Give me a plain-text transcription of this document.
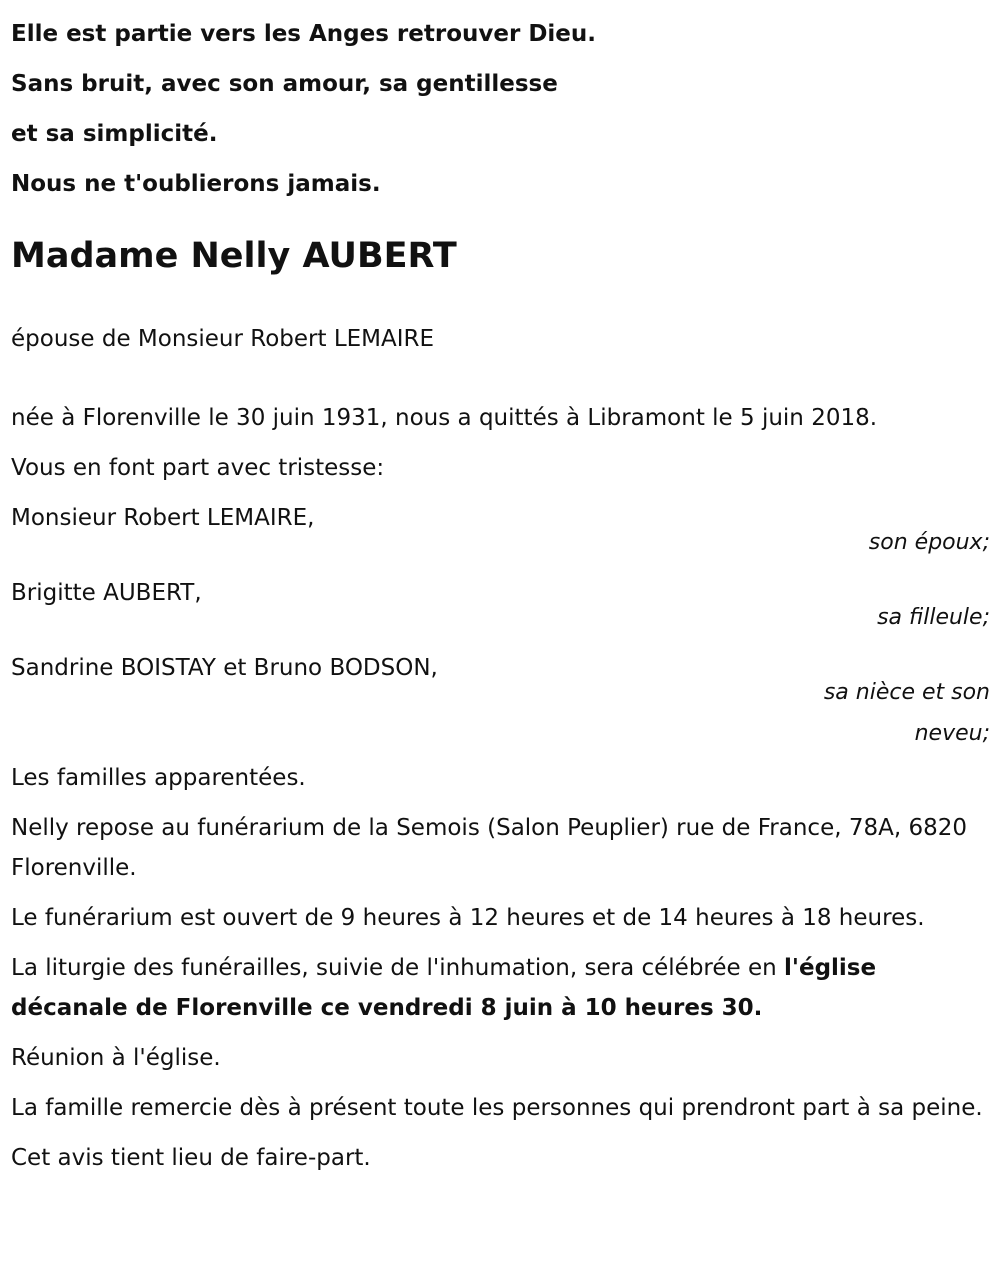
Elle est partie vers les Anges retrouver Dieu.
Sans bruit, avec son amour, sa gentillesse
et sa simplicité.
Nous ne t'oublierons jamais.
Madame Nelly AUBERT
épouse de Monsieur Robert LEMAIRE
née à Florenville le 30 juin 1931, nous a quittés à Libramont le 5 juin 2018.
Vous en font part avec tristesse:
Monsieur Robert LEMAIRE,
son époux;
Brigitte AUBERT,
sa filleule;
Sandrine BOISTAY et Bruno BODSON,
sa nièce et son neveu;
Les familles apparentées.
Nelly repose au funérarium de la Semois (Salon Peuplier) rue de France, 78A, 6820 Florenville.
Le funérarium est ouvert de 9 heures à 12 heures et de 14 heures à 18 heures.
La liturgie des funérailles, suivie de l'inhumation, sera célébrée en l'église décanale de Florenville ce vendredi 8 juin à 10 heures 30.
Réunion à l'église.
La famille remercie dès à présent toute les personnes qui prendront part à sa peine.
Cet avis tient lieu de faire-part.
